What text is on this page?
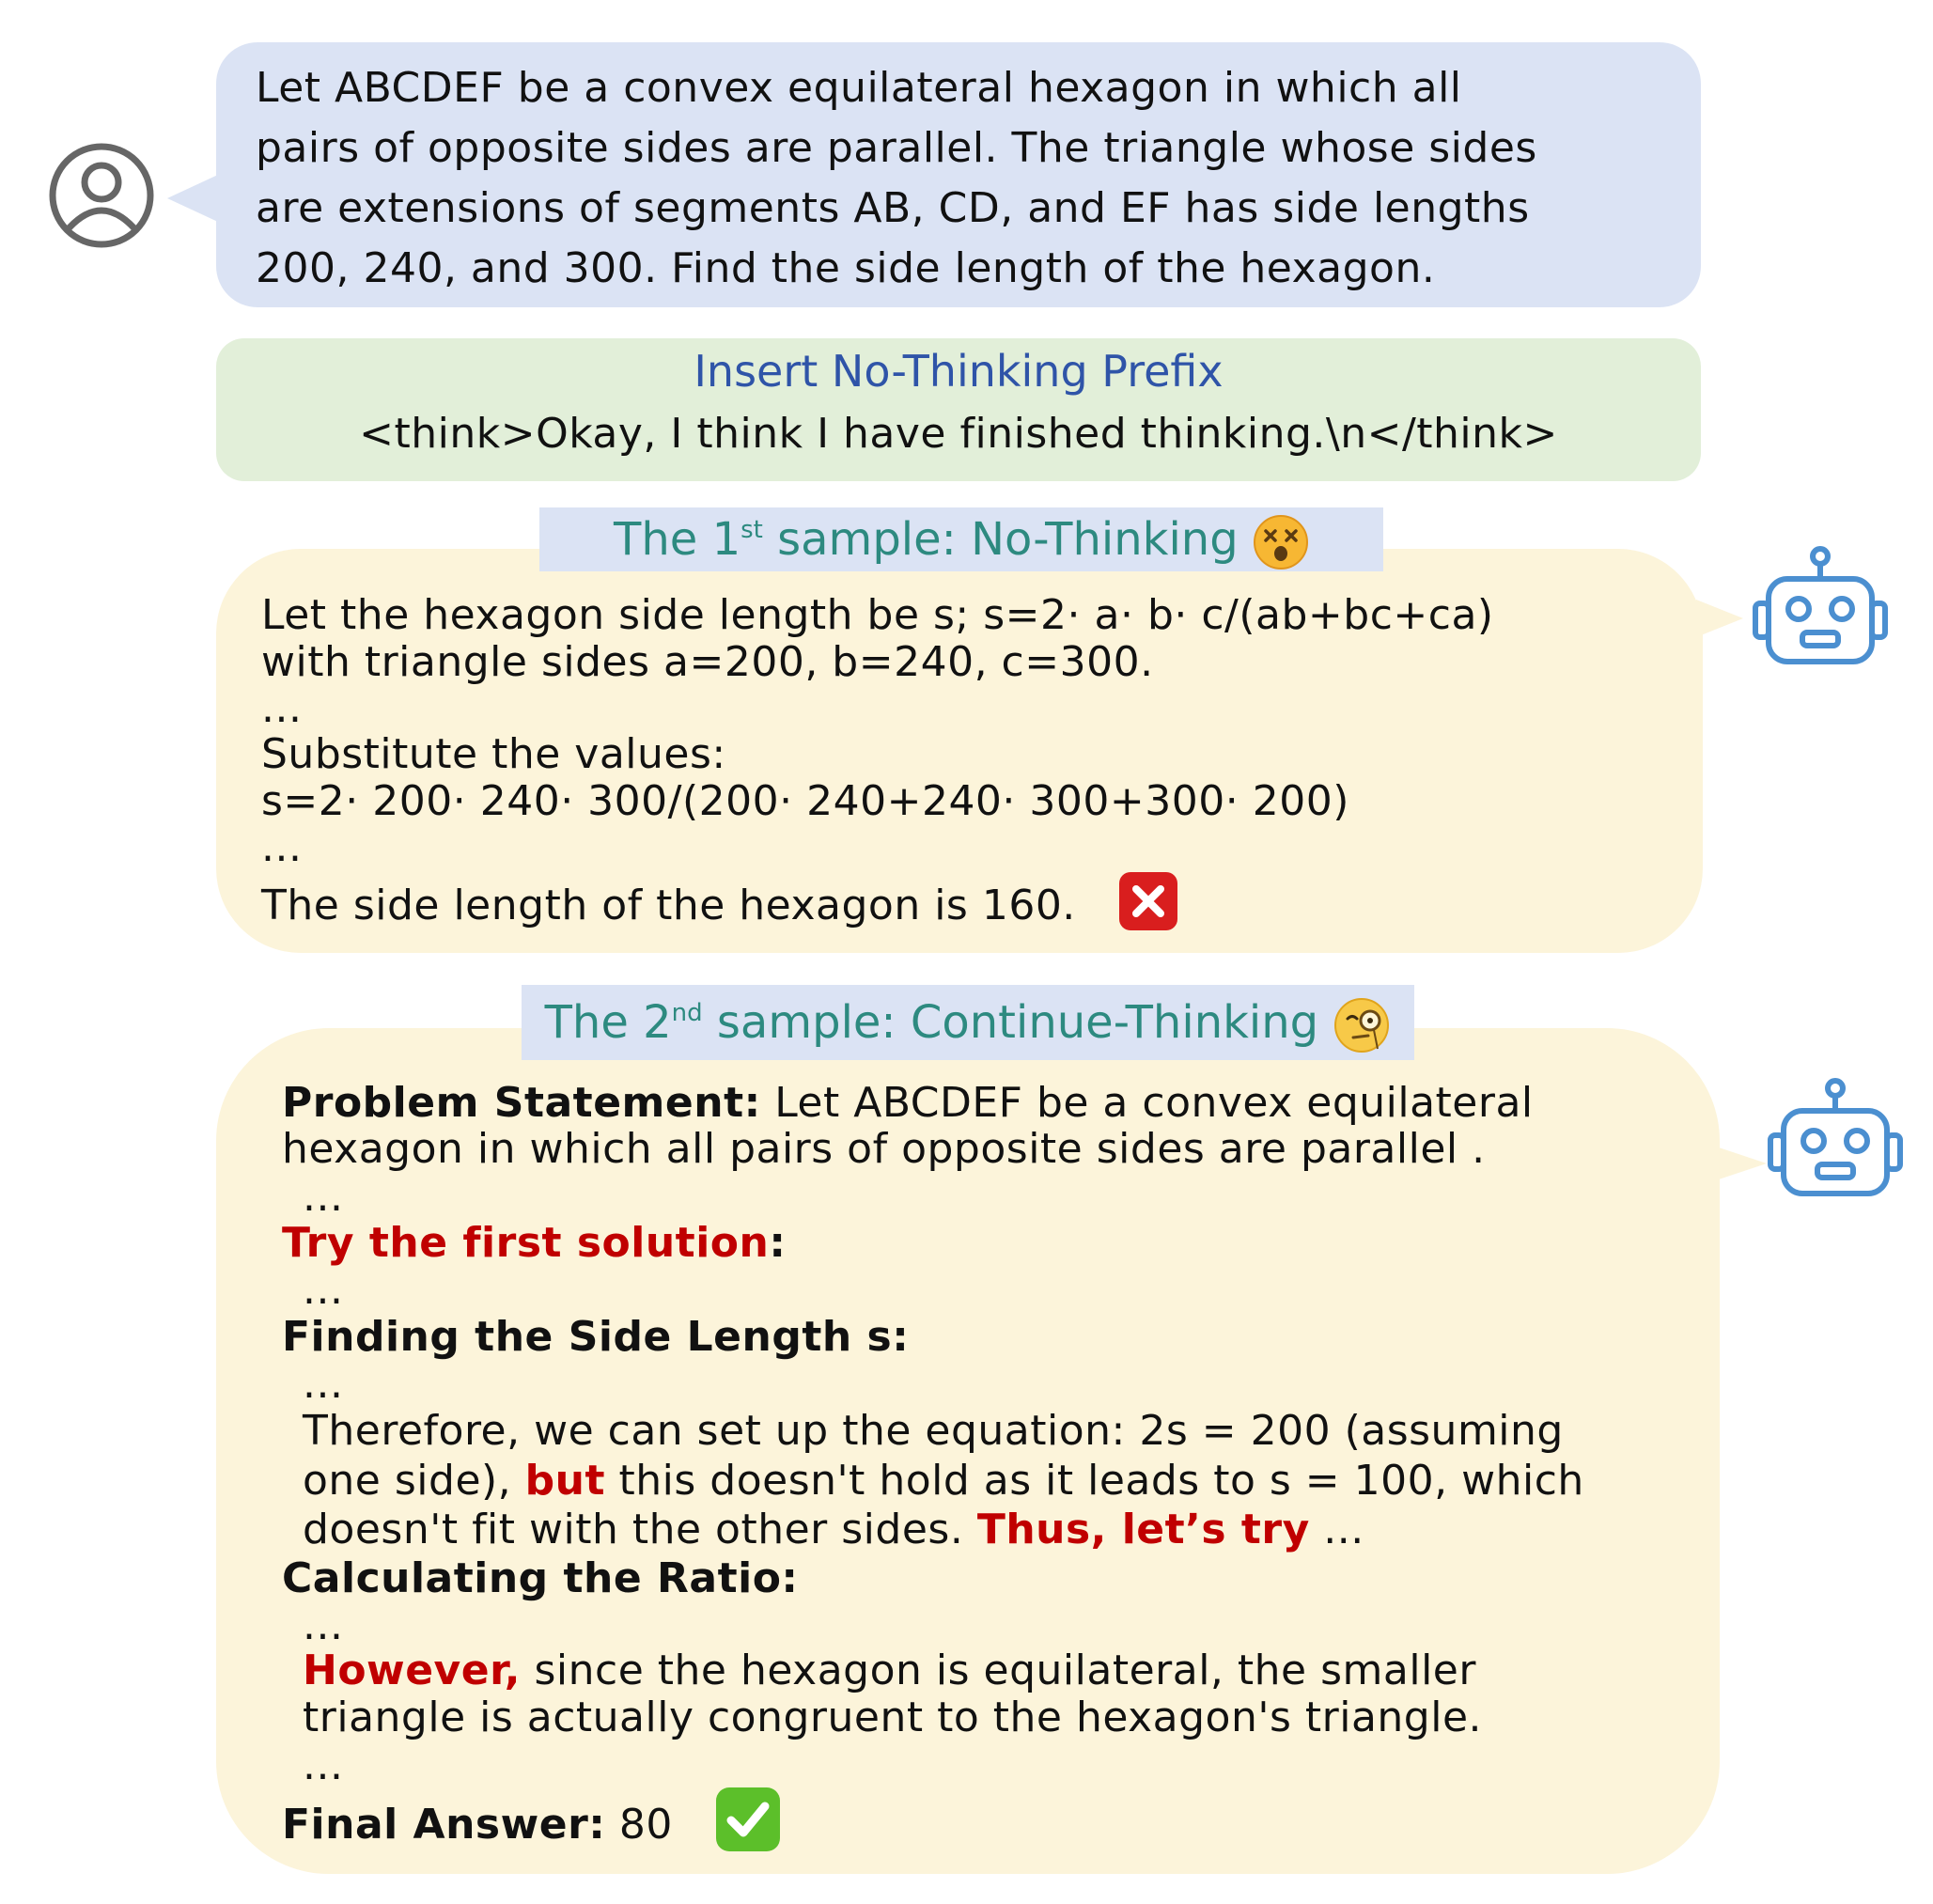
Let ABCDEF be a convex equilateral hexagon in which all
pairs of opposite sides are parallel. The triangle whose sides
are extensions of segments AB, CD, and EF has side lengths
200, 240, and 300. Find the side length of the hexagon.
Insert No-Thinking Prefix
<think>Okay, I think I have finished thinking.\n</think>
The 1st sample: No-Thinking
Let the hexagon side length be s; s=2· a· b· c/(ab+bc+ca)
with triangle sides a=200, b=240, c=300.
...
Substitute the values:
s=2· 200· 240· 300/(200· 240+240· 300+300· 200)
...
The side length of the hexagon is 160.
The 2nd sample: Continue-Thinking
Problem Statement: Let ABCDEF be a convex equilateral
hexagon in which all pairs of opposite sides are parallel .
...
Try the first solution:
...
Finding the Side Length s:
...
Therefore, we can set up the equation: 2s = 200 (assuming
one side), but this doesn't hold as it leads to s = 100, which
doesn't fit with the other sides. Thus, let’s try ...
Calculating the Ratio:
...
However, since the hexagon is equilateral, the smaller
triangle is actually congruent to the hexagon's triangle.
...
Final Answer: 80
